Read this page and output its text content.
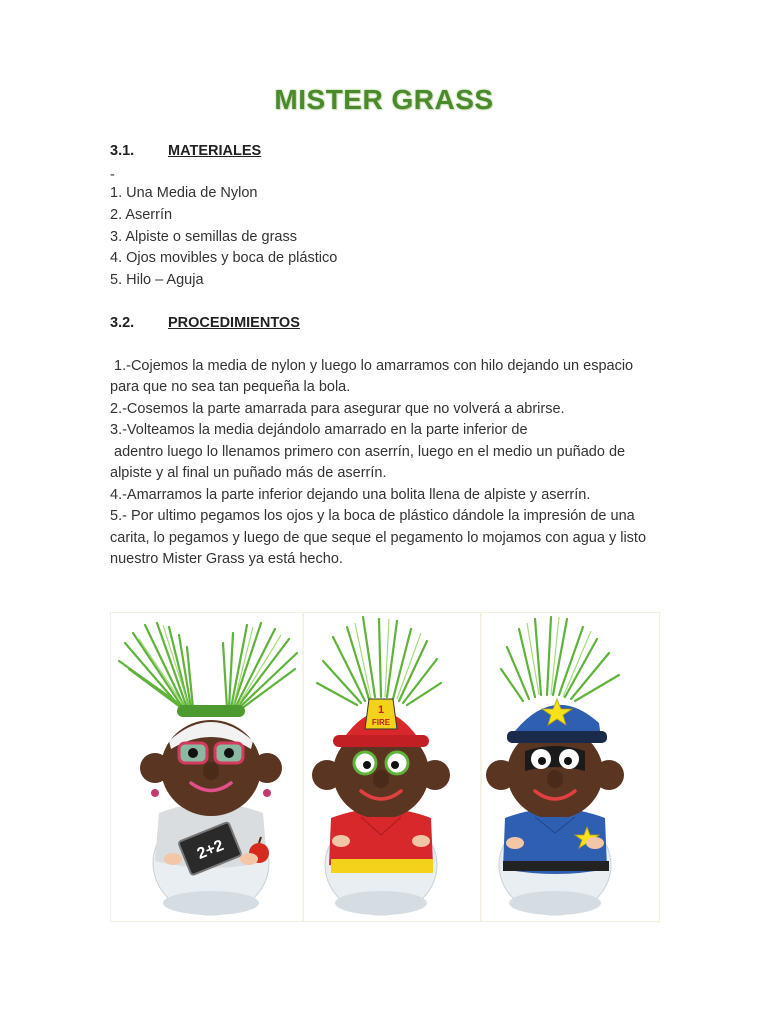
MISTER GRASS
3.1. MATERIALES
-
1. Una Media de Nylon
2. Aserrín
3. Alpiste o semillas de grass
4. Ojos movibles y boca de plástico
5. Hilo – Aguja
3.2. PROCEDIMIENTOS
1.-Cojemos la media de nylon y luego lo amarramos con hilo dejando un espacio
para que no sea tan pequeña la bola.
2.-Cosemos la parte amarrada para asegurar que no volverá a abrirse.
3.-Volteamos la media dejándolo amarrado en la parte inferior de
adentro luego lo llenamos primero con aserrín, luego en el medio un puñado de
alpiste y al final un puñado más de aserrín.
4.-Amarramos la parte inferior dejando una bolita llena de alpiste y aserrín.
5.- Por ultimo pegamos los ojos y la boca de plástico dándole la impresión de una
carita, lo pegamos y luego de que seque el pegamento lo mojamos con agua y listo
nuestro Mister Grass ya está hecho.
2+2
1
FIRE
